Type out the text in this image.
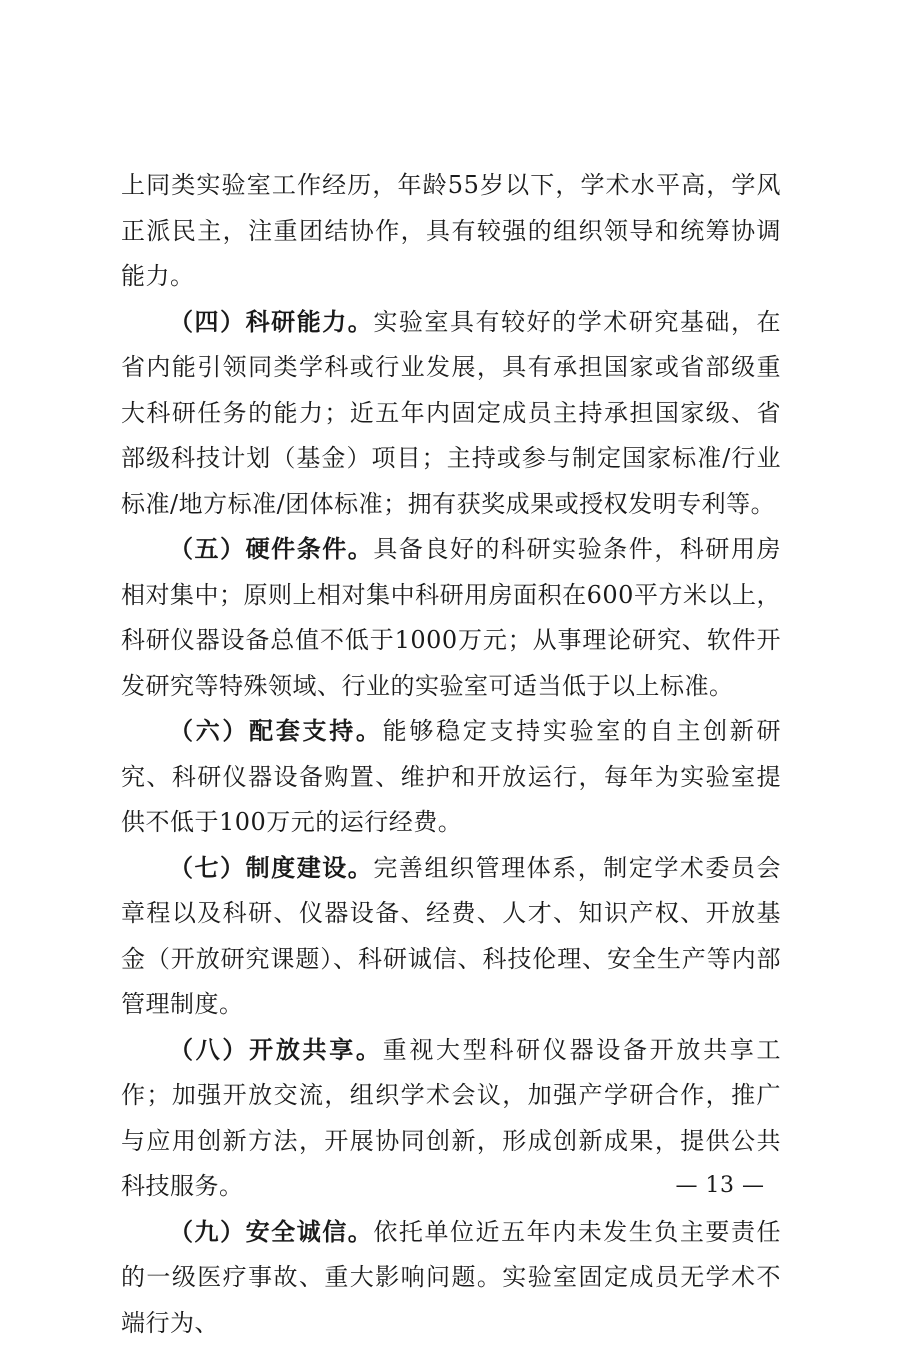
上同类实验室工作经历，年龄55岁以下，学术水平高，学风正派民主，注重团结协作，具有较强的组织领导和统筹协调能力。

（四）科研能力。实验室具有较好的学术研究基础，在省内能引领同类学科或行业发展，具有承担国家或省部级重大科研任务的能力；近五年内固定成员主持承担国家级、省部级科技计划（基金）项目；主持或参与制定国家标准/行业标准/地方标准/团体标准；拥有获奖成果或授权发明专利等。

（五）硬件条件。具备良好的科研实验条件，科研用房相对集中；原则上相对集中科研用房面积在600平方米以上，科研仪器设备总值不低于1000万元；从事理论研究、软件开发研究等特殊领域、行业的实验室可适当低于以上标准。

（六）配套支持。能够稳定支持实验室的自主创新研究、科研仪器设备购置、维护和开放运行，每年为实验室提供不低于100万元的运行经费。

（七）制度建设。完善组织管理体系，制定学术委员会章程以及科研、仪器设备、经费、人才、知识产权、开放基金（开放研究课题）、科研诚信、科技伦理、安全生产等内部管理制度。

（八）开放共享。重视大型科研仪器设备开放共享工作；加强开放交流，组织学术会议，加强产学研合作，推广与应用创新方法，开展协同创新，形成创新成果，提供公共科技服务。

（九）安全诚信。依托单位近五年内未发生负主要责任的一级医疗事故、重大影响问题。实验室固定成员无学术不端行为、

— 13 —
